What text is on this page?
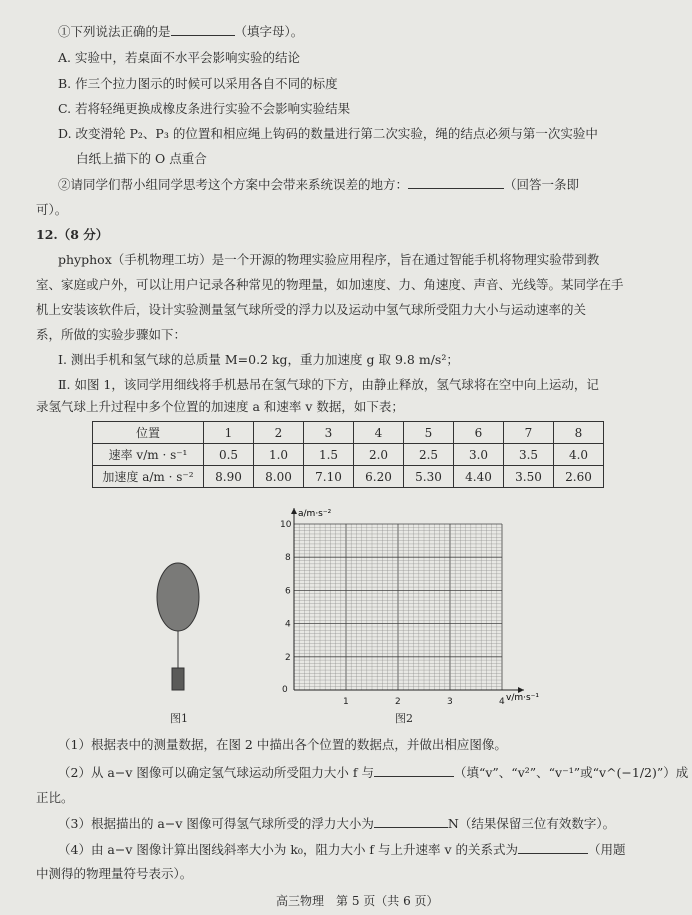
①下列说法正确的是	（填字母）。
A. 实验中，若桌面不水平会影响实验的结论
B. 作三个拉力图示的时候可以采用各自不同的标度
C. 若将轻绳更换成橡皮条进行实验不会影响实验结果
D. 改变滑轮 P₂、P₃ 的位置和相应绳上钩码的数量进行第二次实验，绳的结点必须与第一次实验中
白纸上描下的 O 点重合
②请同学们帮小组同学思考这个方案中会带来系统误差的地方：	（回答一条即
可）。
12.（8 分）
phyphox（手机物理工坊）是一个开源的物理实验应用程序，旨在通过智能手机将物理实验带到教
室、家庭或户外，可以让用户记录各种常见的物理量，如加速度、力、角速度、声音、光线等。某同学在手
机上安装该软件后，设计实验测量氢气球所受的浮力以及运动中氢气球所受阻力大小与运动速率的关
系，所做的实验步骤如下：
Ⅰ. 测出手机和氢气球的总质量 M=0.2 kg，重力加速度 g 取 9.8 m/s²；
Ⅱ. 如图 1，该同学用细线将手机悬吊在氢气球的下方，由静止释放，氢气球将在空中向上运动，记
录氢气球上升过程中多个位置的加速度 a 和速率 v 数据，如下表；
位置	1	2	3	4	5	6	7	8
速率 v/m · s⁻¹	0.5	1.0	1.5	2.0	2.5	3.0	3.5	4.0
加速度 a/m · s⁻²	8.90	8.00	7.10	6.20	5.30	4.40	3.50	2.60
图1
0
1	2	3	4
2
4
6
8
10
a/m·s⁻²
v/m·s⁻¹
图2
（1）根据表中的测量数据，在图 2 中描出各个位置的数据点，并做出相应图像。
（2）从 a−v 图像可以确定氢气球运动所受阻力大小 f 与	（填“v”、“v²”、“v⁻¹”或“v^(−1/2)”）成
正比。
（3）根据描出的 a−v 图像可得氢气球所受的浮力大小为	N（结果保留三位有效数字）。
（4）由 a−v 图像计算出图线斜率大小为 k₀，阻力大小 f 与上升速率 v 的关系式为	（用题
中测得的物理量符号表示）。
高三物理　第 5 页（共 6 页）
